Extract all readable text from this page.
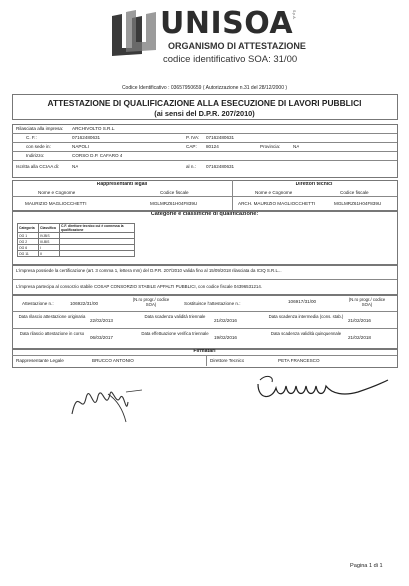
UNISOA
S.p.A.
ORGANISMO DI ATTESTAZIONE
codice identificativo SOA: 31/00
Codice Identificativo : 03657950659 ( Autorizzazione n.31 del 28/12/2000 )
ATTESTAZIONE DI QUALIFICAZIONE ALLA ESECUZIONE DI LAVORI PUBBLICI
(ai sensi del D.P.R. 207/2010)
Rilasciata alla impresa: ARCHIVOLTO S.R.L.
C. F.:	07162480631	P. IVA: 07162480631
con sede in:	NAPOLI	CAP: 80124	Provincia:	NA
Indirizzo:	CORSO D.P. CAFARO 4
Iscritta alla CCIAA di:	NA	al n.: 07162480631
Rappresentanti legali	Direttori tecnici
Nome e Cognome	Codice fiscale	Nome e Cognome	Codice fiscale
MAURIZIO MAGLIOCCHETTI	MGLMRZ61H04F839U	ARCH. MAURIZIO MAGLIOCCHETTI	MGLMRZ61H04F839U
Categorie e classifiche di qualificazione:
Categoria	Classifica	C.F. direttore tecnico cui è connessa la qualificazione
OG 1	IV-BIS	
OG 2	III-BIS	
OG 6	I	
OG 11	II	
L'impresa possiede la certificazione (art. 3 comma 1, lettera mm) del D.P.R. 207/2010 valida fino al 15/09/2018 rilasciata da ICIQ S.R.L...
L'impresa partecipa al consorzio stabile COSAP CONSORZIO STABILE APPALTI PUBBLICI, con codice fiscale 04396531214.
Attestazione n.:	106922/31/00
(N.ro progr./ codice SOA)	Sostituisce l'attestazione n.:	106917/31/00	(N.ro progr./ codice SOA)
Data rilascio attestazione originaria
22/02/2013
Data scadenza validità triennale
21/02/2016
Data scadenza intermedia (cons. stab.)
21/02/2016
Data rilascio attestazione in corso
06/03/2017
Data effettuazione verifica triennale
19/02/2016
Data scadenza validità quinquennale
21/02/2018
Firmatari
Rappresentante Legale	BRUCCO ANTONIO	Direttore Tecnico	PETA FRANCESCO
Pagina 1 di 1
